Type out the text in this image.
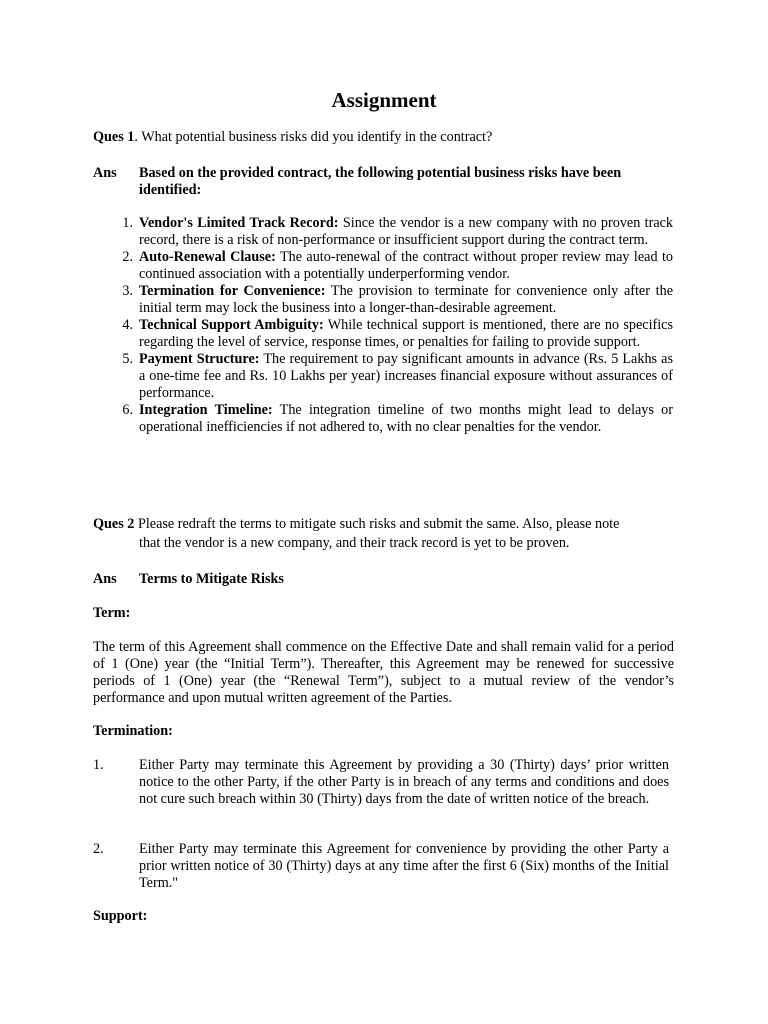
Assignment
Ques 1. What potential business risks did you identify in the contract?
Ans Based on the provided contract, the following potential business risks have been identified:
1 . Vendor's Limited Track Record: Since the vendor is a new company with no proven track record, there is a risk of non-performance or insufficient support during the contract term.
2 . Auto-Renewal Clause: The auto-renewal of the contract without proper review may lead to continued association with a potentially underperforming vendor.
3 . Termination for Convenience: The provision to terminate for convenience only after the initial term may lock the business into a longer-than-desirable agreement.
4 . Technical Support Ambiguity: While technical support is mentioned, there are no specifics regarding the level of service, response times, or penalties for failing to provide support.
5 . Payment Structure: The requirement to pay significant amounts in advance (Rs. 5 Lakhs as a one-time fee and Rs. 10 Lakhs per year) increases financial exposure without assurances of performance.
6 . Integration Timeline: The integration timeline of two months might lead to delays or operational inefficiencies if not adhered to, with no clear penalties for the vendor.
Ques 2 Please redraft the terms to mitigate such risks and submit the same. Also, please note
that the vendor is a new company, and their track record is yet to be proven.
Ans Terms to Mitigate Risks
Term:
The term of this Agreement shall commence on the Effective Date and shall remain valid for a period of 1 (One) year (the “Initial Term”). Thereafter, this Agreement may be renewed for successive periods of 1 (One) year (the “Renewal Term”), subject to a mutual review of the vendor’s performance and upon mutual written agreement of the Parties.
Termination:
1 .	Either Party may terminate this Agreement by providing a 30 (Thirty) days’ prior written notice to the other Party, if the other Party is in breach of any terms and conditions and does not cure such breach within 30 (Thirty) days from the date of written notice of the breach.
2 .	Either Party may terminate this Agreement for convenience by providing the other Party a prior written notice of 30 (Thirty) days at any time after the first 6 (Six) months of the Initial Term."
Support:
